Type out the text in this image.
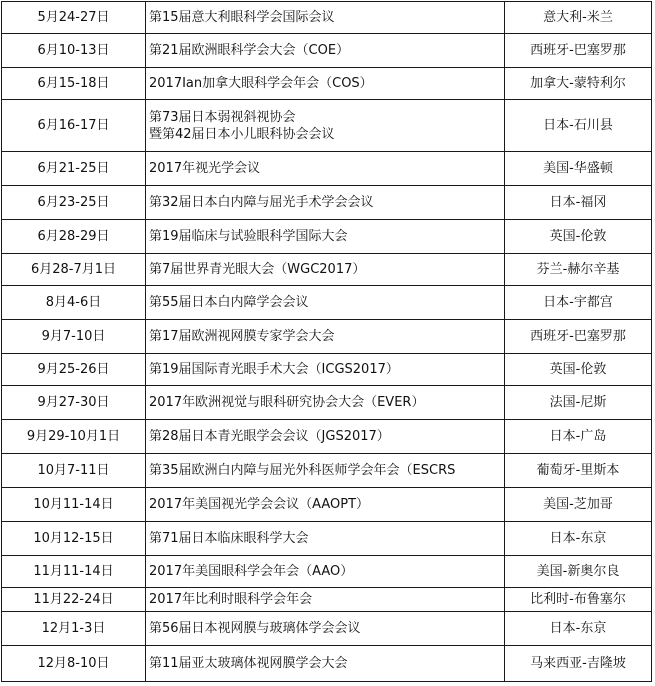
5月24-27日	第15届意大利眼科学会国际会议	意大利-米兰
6月10-13日	第21届欧洲眼科学会大会（COE）	西班牙-巴塞罗那
6月15-18日	2017Ian加拿大眼科学会年会（COS）	加拿大-蒙特利尔
6月16-17日	第73届日本弱视斜视协会
暨第42届日本小儿眼科协会会议	日本-石川县
6月21-25日	2017年视光学会议	美国-华盛顿
6月23-25日	第32届日本白内障与屈光手术学会会议	日本-福冈
6月28-29日	第19届临床与试验眼科学国际大会	英国-伦敦
6月28-7月1日	第7届世界青光眼大会（WGC2017）	芬兰-赫尔辛基
8月4-6日	第55届日本白内障学会会议	日本-宇都宫
9月7-10日	第17届欧洲视网膜专家学会大会	西班牙-巴塞罗那
9月25-26日	第19届国际青光眼手术大会（ICGS2017）	英国-伦敦
9月27-30日	2017年欧洲视觉与眼科研究协会大会（EVER）	法国-尼斯
9月29-10月1日	第28届日本青光眼学会会议（JGS2017）	日本-广岛
10月7-11日	第35届欧洲白内障与屈光外科医师学会年会（ESCRS	葡萄牙-里斯本
10月11-14日	2017年美国视光学会会议（AAOPT）	美国-芝加哥
10月12-15日	第71届日本临床眼科学大会	日本-东京
11月11-14日	2017年美国眼科学会年会（AAO）	美国-新奥尔良
11月22-24日	2017年比利时眼科学会年会	比利时-布鲁塞尔
12月1-3日	第56届日本视网膜与玻璃体学会会议	日本-东京
12月8-10日	第11届亚太玻璃体视网膜学会大会	马来西亚-吉隆坡
